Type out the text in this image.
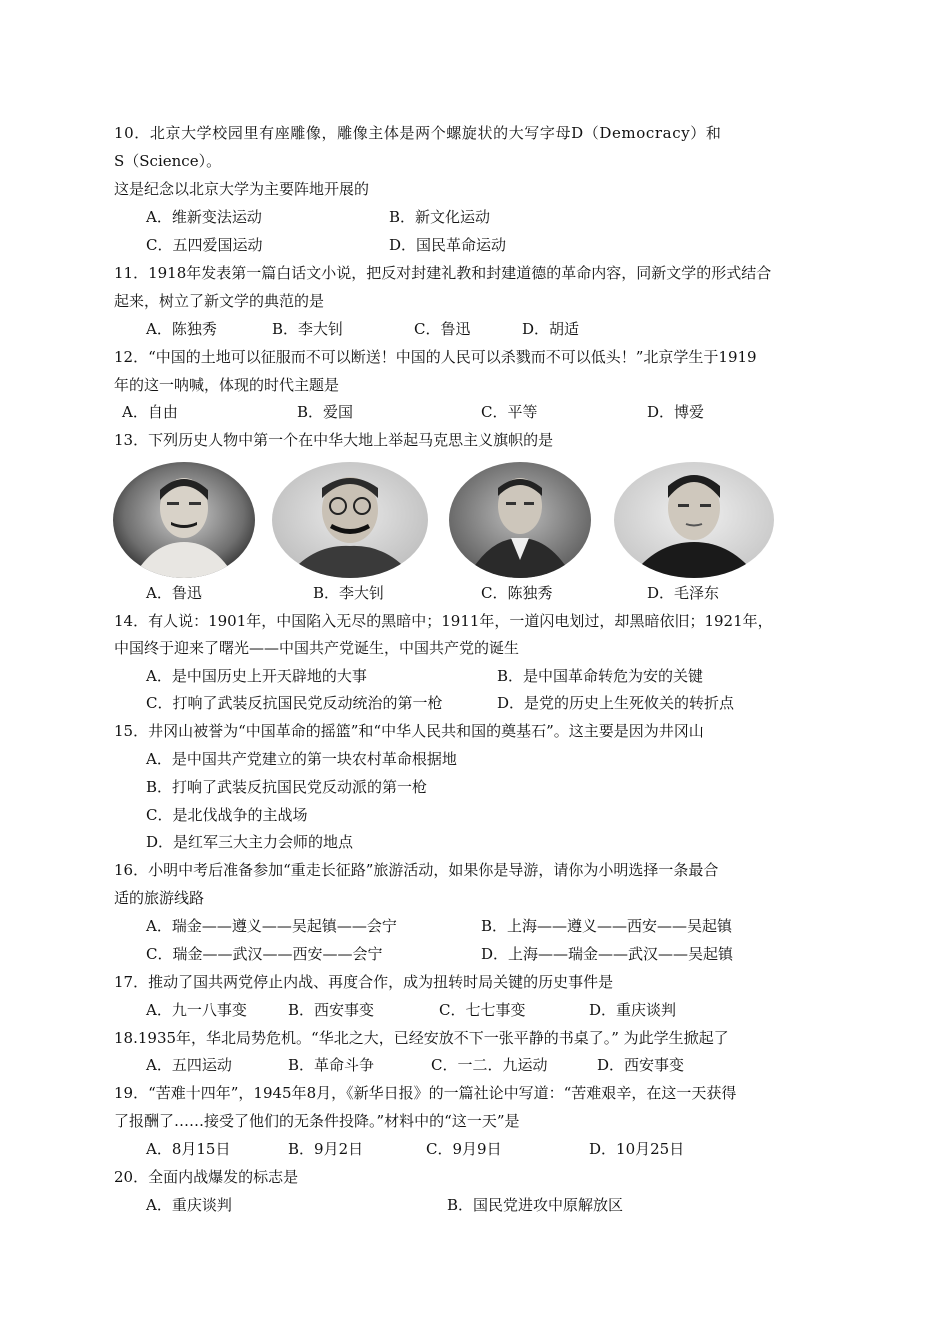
10．北京大学校园里有座雕像，雕像主体是两个螺旋状的大写字母D（Democracy）和
S（Science）。
这是纪念以北京大学为主要阵地开展的
A．维新变法运动	B．新文化运动
C．五四爱国运动	D．国民革命运动
11．1918年发表第一篇白话文小说，把反对封建礼教和封建道德的革命内容，同新文学的形式结合
起来，树立了新文学的典范的是
A．陈独秀	B．李大钊	C．鲁迅	D．胡适
12．“中国的土地可以征服而不可以断送！中国的人民可以杀戮而不可以低头！”北京学生于1919
年的这一呐喊，体现的时代主题是
A．自由	B．爱国	C．平等	D．博爱
13．下列历史人物中第一个在中华大地上举起马克思主义旗帜的是
A．鲁迅	B．李大钊	C．陈独秀	D．毛泽东
14．有人说：1901年，中国陷入无尽的黑暗中；1911年，一道闪电划过，却黑暗依旧；1921年，
中国终于迎来了曙光——中国共产党诞生，中国共产党的诞生
A．是中国历史上开天辟地的大事	B．是中国革命转危为安的关键
C．打响了武装反抗国民党反动统治的第一枪	D．是党的历史上生死攸关的转折点
15．井冈山被誉为“中国革命的摇篮”和“中华人民共和国的奠基石”。这主要是因为井冈山
A．是中国共产党建立的第一块农村革命根据地
B．打响了武装反抗国民党反动派的第一枪
C．是北伐战争的主战场
D．是红军三大主力会师的地点
16．小明中考后准备参加“重走长征路”旅游活动，如果你是导游，请你为小明选择一条最合
适的旅游线路
A．瑞金——遵义——吴起镇——会宁	B．上海——遵义——西安——吴起镇
C．瑞金——武汉——西安——会宁	D．上海——瑞金——武汉——吴起镇
17．推动了国共两党停止内战、再度合作，成为扭转时局关键的历史事件是
A．九一八事变	B．西安事变	C．七七事变	D．重庆谈判
18.1935年，华北局势危机。“华北之大，已经安放不下一张平静的书桌了。” 为此学生掀起了
A．五四运动	B．革命斗争	C．一二．九运动	D．西安事变
19．“苦难十四年”，1945年8月，《新华日报》的一篇社论中写道：“苦难艰辛，在这一天获得
了报酬了……接受了他们的无条件投降。”材料中的“这一天”是
A．8月15日	B．9月2日	C．9月9日	D．10月25日
20．全面内战爆发的标志是
A．重庆谈判	B．国民党进攻中原解放区
